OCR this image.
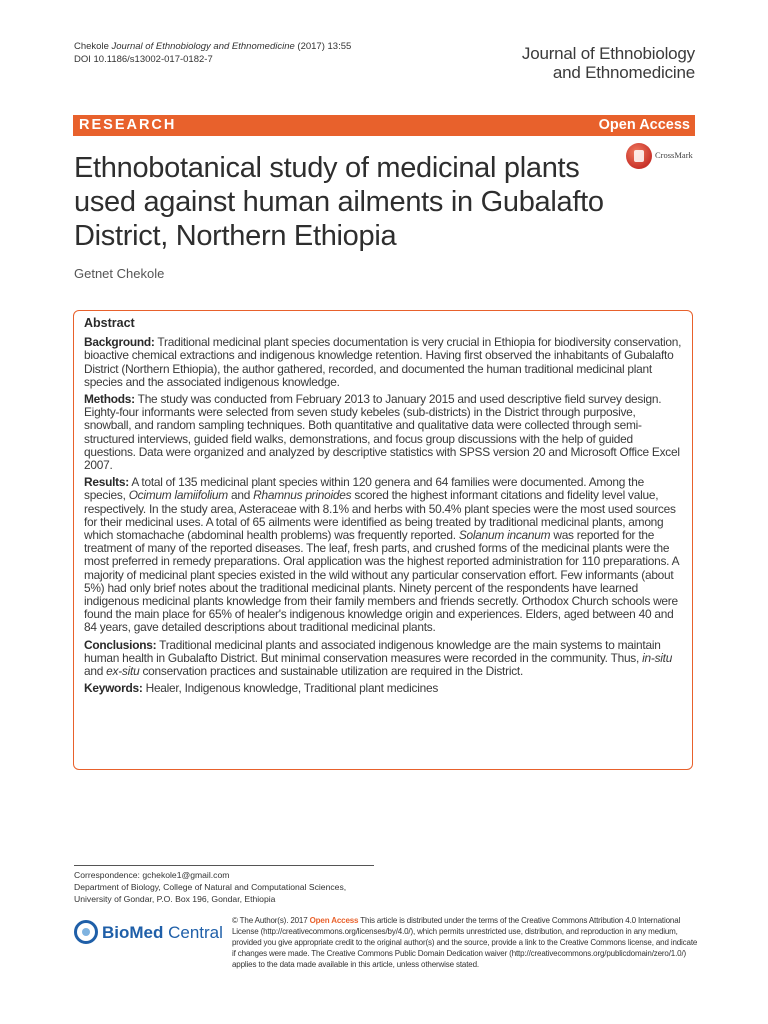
Chekole Journal of Ethnobiology and Ethnomedicine (2017) 13:55
DOI 10.1186/s13002-017-0182-7	Journal of Ethnobiology
and Ethnomedicine
RESEARCH	Open Access
Ethnobotanical study of medicinal plants used against human ailments in Gubalafto District, Northern Ethiopia
CrossMark
Getnet Chekole
Abstract

Background: Traditional medicinal plant species documentation is very crucial in Ethiopia for biodiversity conservation, bioactive chemical extractions and indigenous knowledge retention. Having first observed the inhabitants of Gubalafto District (Northern Ethiopia), the author gathered, recorded, and documented the human traditional medicinal plant species and the associated indigenous knowledge.

Methods: The study was conducted from February 2013 to January 2015 and used descriptive field survey design. Eighty-four informants were selected from seven study kebeles (sub-districts) in the District through purposive, snowball, and random sampling techniques. Both quantitative and qualitative data were collected through semi-structured interviews, guided field walks, demonstrations, and focus group discussions with the help of guided questions. Data were organized and analyzed by descriptive statistics with SPSS version 20 and Microsoft Office Excel 2007.

Results: A total of 135 medicinal plant species within 120 genera and 64 families were documented. Among the species, Ocimum lamiifolium and Rhamnus prinoides scored the highest informant citations and fidelity level value, respectively. In the study area, Asteraceae with 8.1% and herbs with 50.4% plant species were the most used sources for their medicinal uses. A total of 65 ailments were identified as being treated by traditional medicinal plants, among which stomachache (abdominal health problems) was frequently reported. Solanum incanum was reported for the treatment of many of the reported diseases. The leaf, fresh parts, and crushed forms of the medicinal plants were the most preferred in remedy preparations. Oral application was the highest reported administration for 110 preparations. A majority of medicinal plant species existed in the wild without any particular conservation effort. Few informants (about 5%) had only brief notes about the traditional medicinal plants. Ninety percent of the respondents have learned indigenous medicinal plants knowledge from their family members and friends secretly. Orthodox Church schools were found the main place for 65% of healer's indigenous knowledge origin and experiences. Elders, aged between 40 and 84 years, gave detailed descriptions about traditional medicinal plants.

Conclusions: Traditional medicinal plants and associated indigenous knowledge are the main systems to maintain human health in Gubalafto District. But minimal conservation measures were recorded in the community. Thus, in-situ and ex-situ conservation practices and sustainable utilization are required in the District.

Keywords: Healer, Indigenous knowledge, Traditional plant medicines

Correspondence: gchekole1@gmail.com
Department of Biology, College of Natural and Computational Sciences,
University of Gondar, P.O. Box 196, Gondar, Ethiopia
BioMed Central
© The Author(s). 2017 Open Access This article is distributed under the terms of the Creative Commons Attribution 4.0 International License (http://creativecommons.org/licenses/by/4.0/), which permits unrestricted use, distribution, and reproduction in any medium, provided you give appropriate credit to the original author(s) and the source, provide a link to the Creative Commons license, and indicate if changes were made. The Creative Commons Public Domain Dedication waiver (http://creativecommons.org/publicdomain/zero/1.0/) applies to the data made available in this article, unless otherwise stated.
